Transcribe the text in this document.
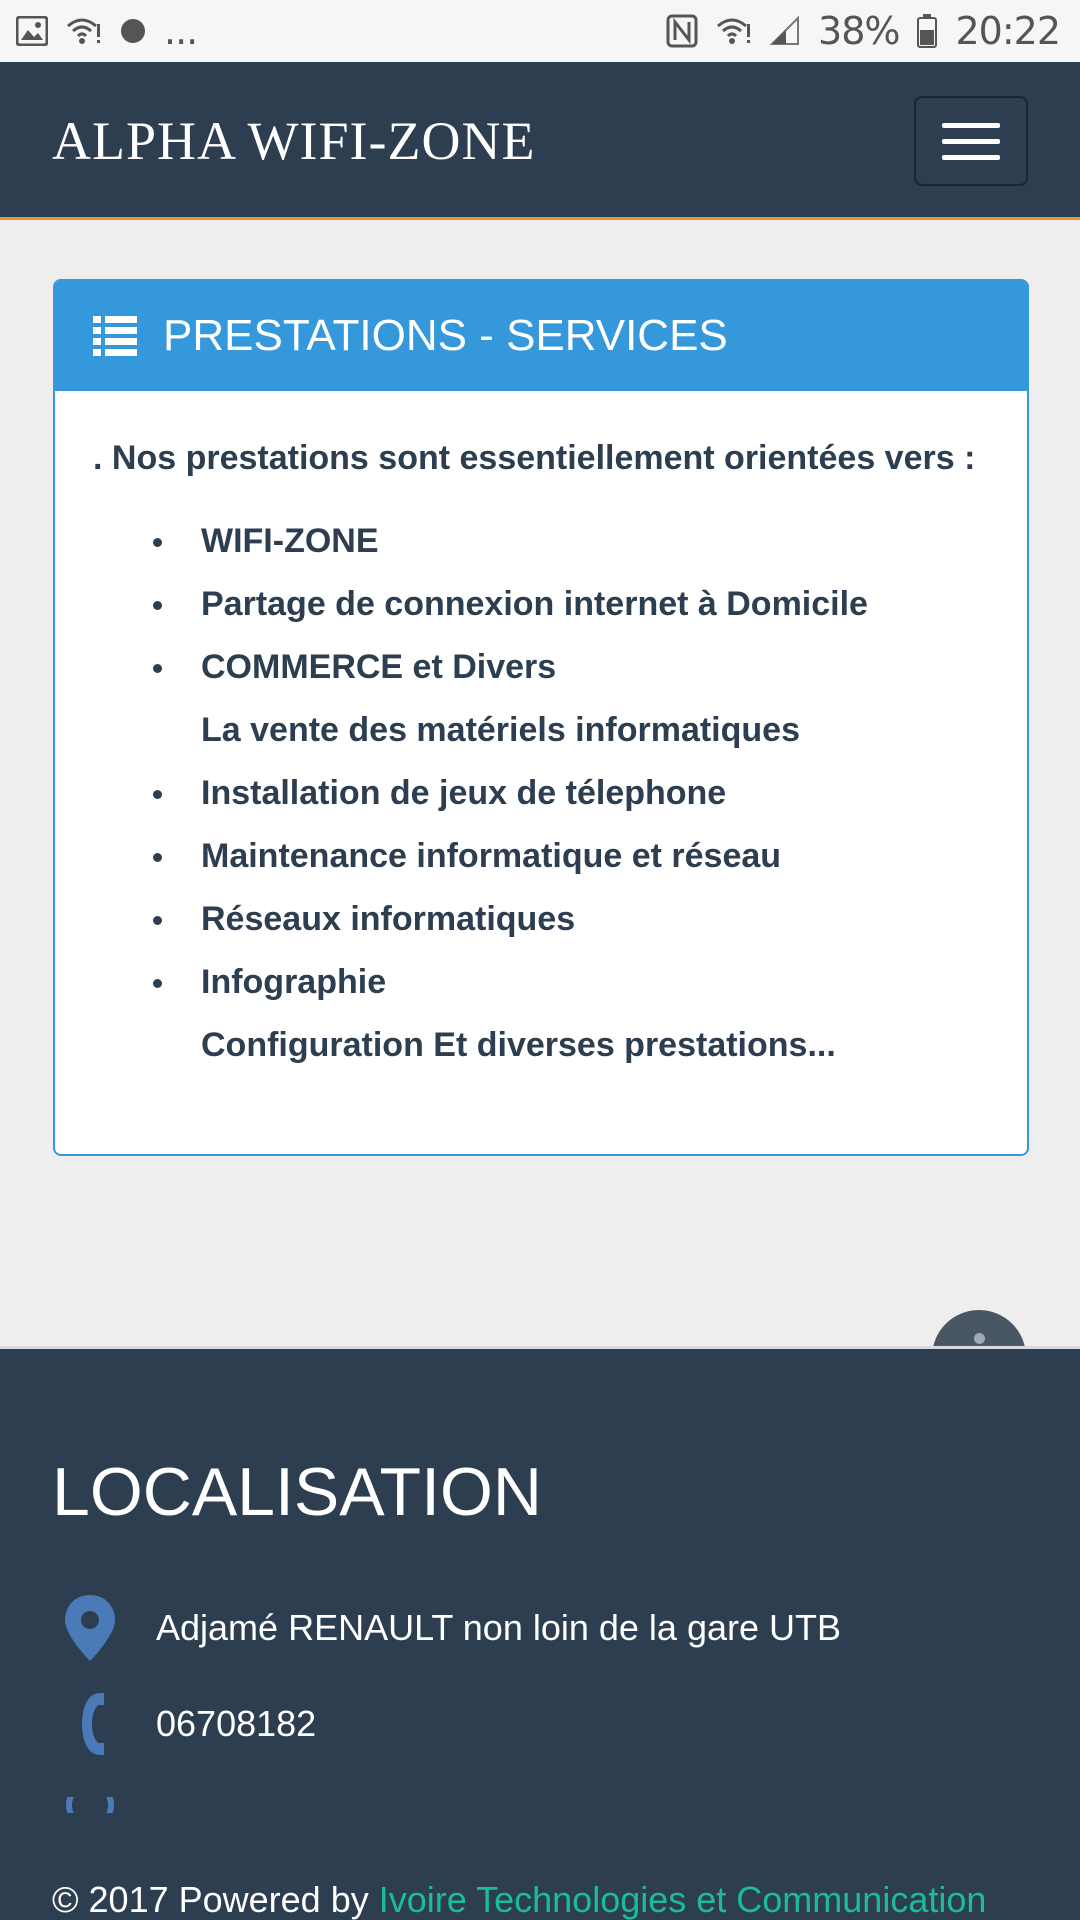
...	38% 20:22
ALPHA WIFI-ZONE
PRESTATIONS - SERVICES

. Nos prestations sont essentiellement orientées vers :

WIFI-ZONE
Partage de connexion internet à Domicile
COMMERCE et Divers
La vente des matériels informatiques
Installation de jeux de télephone
Maintenance informatique et réseau
Réseaux informatiques
Infographie
Configuration Et diverses prestations...
LOCALISATION
Adjamé RENAULT non loin de la gare UTB
06708182
© 2017 Powered by Ivoire Technologies et Communication
